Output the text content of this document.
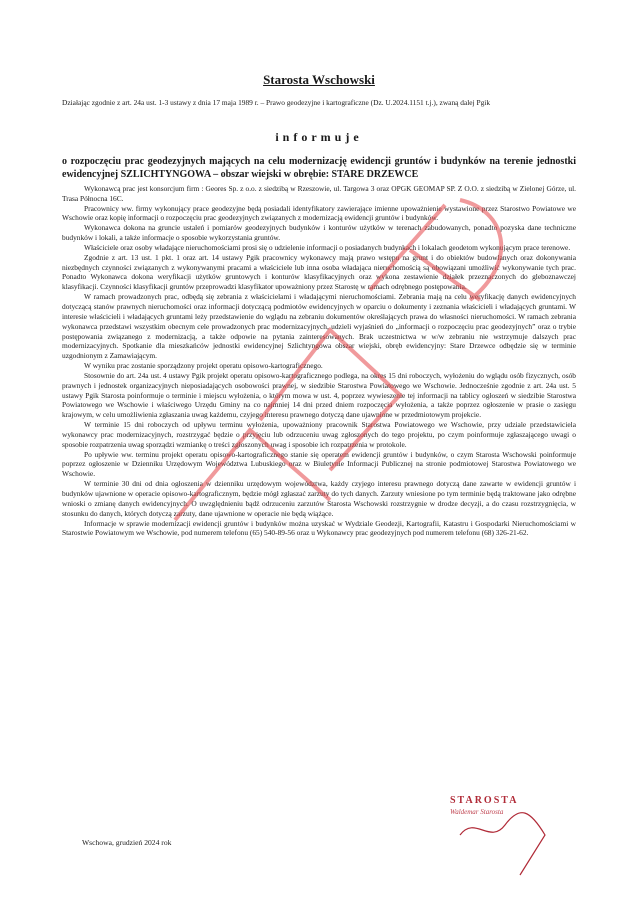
Starosta Wschowski

Działając zgodnie z art. 24a ust. 1-3 ustawy z dnia 17 maja 1989 r. – Prawo geodezyjne i kartograficzne (Dz. U.2024.1151 t.j.), zwaną dalej Pgik

informuje
o rozpoczęciu prac geodezyjnych mających na celu modernizację ewidencji gruntów i budynków na terenie jednostki ewidencyjnej SZLICHTYNGOWA – obszar wiejski w obrębie: STARE DRZEWCE

Wykonawcą prac jest konsorcjum firm : Geores Sp. z o.o. z siedzibą w Rzeszowie, ul. Targowa 3 oraz OPGK GEOMAP SP. Z O.O. z siedzibą w Zielonej Górze, ul. Trasa Północna 16C.

Pracownicy ww. firmy wykonujący prace geodezyjne będą posiadali identyfikatory zawierające imienne upoważnienie wystawione przez Starostwo Powiatowe we Wschowie oraz kopię informacji o rozpoczęciu prac geodezyjnych związanych z modernizacją ewidencji gruntów i budynków.

Wykonawca dokona na gruncie ustaleń i pomiarów geodezyjnych budynków i konturów użytków w terenach zabudowanych, ponadto pozyska dane techniczne budynków i lokali, a także informacje o sposobie wykorzystania gruntów.

Właściciele oraz osoby władające nieruchomościami prosi się o udzielenie informacji o posiadanych budynkach i lokalach geodetom wykonującym prace terenowe.

Zgodnie z art. 13 ust. 1 pkt. 1 oraz art. 14 ustawy Pgik pracownicy wykonawcy mają prawo wstępu na grunt i do obiektów budowlanych oraz dokonywania niezbędnych czynności związanych z wykonywanymi pracami a właściciele lub inna osoba władająca nieruchomością są obowiązani umożliwić wykonywanie tych prac. Ponadto Wykonawca dokona weryfikacji użytków gruntowych i konturów klasyfikacyjnych oraz wykona zestawienie działek przeznaczonych do gleboznawczej klasyfikacji. Czynności klasyfikacji gruntów przeprowadzi klasyfikator upoważniony przez Starostę w ramach odrębnego postępowania.

W ramach prowadzonych prac, odbędą się zebrania z właścicielami i władającymi nieruchomościami. Zebrania mają na celu weryfikację danych ewidencyjnych dotyczącą stanów prawnych nieruchomości oraz informacji dotyczącą podmiotów ewidencyjnych w oparciu o dokumenty i zeznania właścicieli i władających gruntami. W interesie właścicieli i władających gruntami leży przedstawienie do wglądu na zebraniu dokumentów określających prawa do własności nieruchomości. W ramach zebrania wykonawca przedstawi wszystkim obecnym cele prowadzonych prac modernizacyjnych, udzieli wyjaśnień do „informacji o rozpoczęciu prac geodezyjnych” oraz o trybie postępowania związanego z modernizacją, a także odpowie na pytania zainteresowanych. Brak uczestnictwa w w/w zebraniu nie wstrzymuje dalszych prac modernizacyjnych. Spotkanie dla mieszkańców jednostki ewidencyjnej Szlichtyngowa obszar wiejski, obręb ewidencyjny: Stare Drzewce odbędzie się w terminie uzgodnionym z Zamawiającym.

W wyniku prac zostanie sporządzony projekt operatu opisowo-kartograficznego.

Stosownie do art. 24a ust. 4 ustawy Pgik projekt operatu opisowo-kartograficznego podlega, na okres 15 dni roboczych, wyłożeniu do wglądu osób fizycznych, osób prawnych i jednostek organizacyjnych nieposiadających osobowości prawnej, w siedzibie Starostwa Powiatowego we Wschowie. Jednocześnie zgodnie z art. 24a ust. 5 ustawy Pgik Starosta poinformuje o terminie i miejscu wyłożenia, o którym mowa w ust. 4, poprzez wywieszenie tej informacji na tablicy ogłoszeń w siedzibie Starostwa Powiatowego we Wschowie i właściwego Urzędu Gminy na co najmniej 14 dni przed dniem rozpoczęcia wyłożenia, a także poprzez ogłoszenie w prasie o zasięgu krajowym, w celu umożliwienia zgłaszania uwag każdemu, czyjego interesu prawnego dotyczą dane ujawnione w przedmiotowym projekcie.

W terminie 15 dni roboczych od upływu terminu wyłożenia, upoważniony pracownik Starostwa Powiatowego we Wschowie, przy udziale przedstawiciela wykonawcy prac modernizacyjnych, rozstrzygać będzie o przyjęciu lub odrzuceniu uwag zgłoszonych do tego projektu, po czym poinformuje zgłaszającego uwagi o sposobie rozpatrzenia uwag sporządzi wzmiankę o treści zgłoszonych uwag i sposobie ich rozpatrzenia w protokole.

Po upływie ww. terminu projekt operatu opisowo-kartograficznego stanie się operatem ewidencji gruntów i budynków, o czym Starosta Wschowski poinformuje poprzez ogłoszenie w Dzienniku Urzędowym Województwa Lubuskiego oraz w Biuletynie Informacji Publicznej na stronie podmiotowej Starostwa Powiatowego we Wschowie.

W terminie 30 dni od dnia ogłoszenia w dzienniku urzędowym województwa, każdy czyjego interesu prawnego dotyczą dane zawarte w ewidencji gruntów i budynków ujawnione w operacie opisowo-kartograficznym, będzie mógł zgłaszać zarzuty do tych danych. Zarzuty wniesione po tym terminie będą traktowane jako odrębne wnioski o zmianę danych ewidencyjnych. O uwzględnieniu bądź odrzuceniu zarzutów Starosta Wschowski rozstrzygnie w drodze decyzji, a do czasu rozstrzygnięcia, w stosunku do danych, których dotyczą zarzuty, dane ujawnione w operacie nie będą wiążące.

Informacje w sprawie modernizacji ewidencji gruntów i budynków można uzyskać w Wydziale Geodezji, Kartografii, Katastru i Gospodarki Nieruchomościami w Starostwie Powiatowym we Wschowie, pod numerem telefonu (65) 540-89-56 oraz u Wykonawcy prac geodezyjnych pod numerem telefonu (68) 326-21-62.

Wschowa, grudzień 2024 rok
STAROSTA
Waldemar Starosta
